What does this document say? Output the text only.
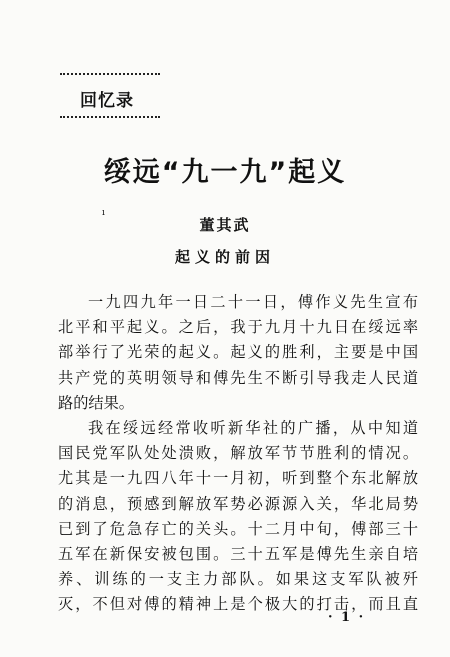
回忆录
绥远“九一九”起义
ı
董其武
起义的前因
一九四九年一日二十一日，傅作义先生宣布
北平和平起义。之后，我于九月十九日在绥远率
部举行了光荣的起义。起义的胜利，主要是中国
共产党的英明领导和傅先生不断引导我走人民道
路的结果。
我在绥远经常收听新华社的广播，从中知道
国民党军队处处溃败，解放军节节胜利的情况。
尤其是一九四八年十一月初，听到整个东北解放
的消息，预感到解放军势必源源入关，华北局势
已到了危急存亡的关头。十二月中旬，傅部三十
五军在新保安被包围。三十五军是傅先生亲自培
养、训练的一支主力部队。如果这支军队被歼
灭，不但对傅的精神上是个极大的打击，而且直
· 1 ·
